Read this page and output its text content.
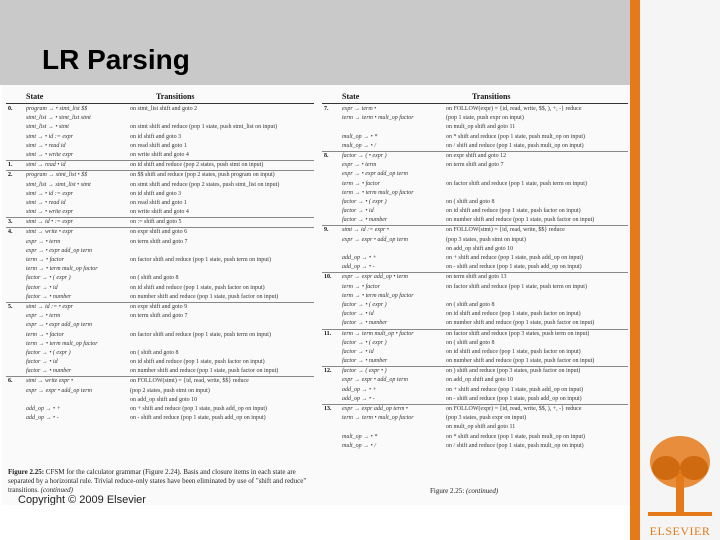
LR Parsing
State	Transitions
0.	program → • stmt_list $$	on stmt_list shift and goto 2
stmt_list → • stmt_list stmt
stmt_list → • stmt	on stmt shift and reduce (pop 1 state, push stmt_list on input)
stmt → • id := expr	on id shift and goto 3
stmt → • read id	on read shift and goto 1
stmt → • write expr	on write shift and goto 4
1.	stmt → read • id	on id shift and reduce (pop 2 states, push stmt on input)
2.	program → stmt_list • $$	on $$ shift and reduce (pop 2 states, push program on input)
stmt_list → stmt_list • stmt	on stmt shift and reduce (pop 2 states, push stmt_list on input)
stmt → • id := expr	on id shift and goto 3
stmt → • read id	on read shift and goto 1
stmt → • write expr	on write shift and goto 4
3.	stmt → id • := expr	on := shift and goto 5
4.	stmt → write • expr	on expr shift and goto 6
expr → • term	on term shift and goto 7
expr → • expr add_op term
term → • factor	on factor shift and reduce (pop 1 state, push term on input)
term → • term mult_op factor
factor → • ( expr )	on ( shift and goto 8
factor → • id	on id shift and reduce (pop 1 state, push factor on input)
factor → • number	on number shift and reduce (pop 1 state, push factor on input)
5.	stmt → id := • expr	on expr shift and goto 9
expr → • term	on term shift and goto 7
expr → • expr add_op term
term → • factor	on factor shift and reduce (pop 1 state, push term on input)
term → • term mult_op factor
factor → • ( expr )	on ( shift and goto 8
factor → • id	on id shift and reduce (pop 1 state, push factor on input)
factor → • number	on number shift and reduce (pop 1 state, push factor on input)
6.	stmt → write expr •	on FOLLOW(stmt) = {id, read, write, $$} reduce
expr → expr • add_op term	(pop 2 states, push stmt on input)
on add_op shift and goto 10
add_op → • +	on + shift and reduce (pop 1 state, push add_op on input)
add_op → • -	on - shift and reduce (pop 1 state, push add_op on input)
State	Transitions
7.	expr → term •	on FOLLOW(expr) = {id, read, write, $$, ), +, -} reduce
term → term • mult_op factor	(pop 1 state, push expr on input)
on mult_op shift and goto 11
mult_op → • *	on * shift and reduce (pop 1 state, push mult_op on input)
mult_op → • /	on / shift and reduce (pop 1 state, push mult_op on input)
8.	factor → ( • expr )	on expr shift and goto 12
expr → • term	on term shift and goto 7
expr → • expr add_op term
term → • factor	on factor shift and reduce (pop 1 state, push term on input)
term → • term mult_op factor
factor → • ( expr )	on ( shift and goto 8
factor → • id	on id shift and reduce (pop 1 state, push factor on input)
factor → • number	on number shift and reduce (pop 1 state, push factor on input)
9.	stmt → id := expr •	on FOLLOW(stmt) = {id, read, write, $$} reduce
expr → expr • add_op term	(pop 3 states, push stmt on input)
on add_op shift and goto 10
add_op → • +	on + shift and reduce (pop 1 state, push add_op on input)
add_op → • -	on - shift and reduce (pop 1 state, push add_op on input)
10.	expr → expr add_op • term	on term shift and goto 13
term → • factor	on factor shift and reduce (pop 1 state, push term on input)
term → • term mult_op factor
factor → • ( expr )	on ( shift and goto 8
factor → • id	on id shift and reduce (pop 1 state, push factor on input)
factor → • number	on number shift and reduce (pop 1 state, push factor on input)
11.	term → term mult_op • factor	on factor shift and reduce (pop 3 states, push term on input)
factor → • ( expr )	on ( shift and goto 8
factor → • id	on id shift and reduce (pop 1 state, push factor on input)
factor → • number	on number shift and reduce (pop 1 state, push factor on input)
12.	factor → ( expr • )	on ) shift and reduce (pop 3 states, push factor on input)
expr → expr • add_op term	on add_op shift and goto 10
add_op → • +	on + shift and reduce (pop 1 state, push add_op on input)
add_op → • -	on - shift and reduce (pop 1 state, push add_op on input)
13.	expr → expr add_op term •	on FOLLOW(expr) = {id, read, write, $$, ), +, -} reduce
term → term • mult_op factor	(pop 3 states, push expr on input)
on mult_op shift and goto 11
mult_op → • *	on * shift and reduce (pop 1 state, push mult_op on input)
mult_op → • /	on / shift and reduce (pop 1 state, push mult_op on input)
Figure 2.25: CFSM for the calculator grammar (Figure 2.24). Basis and closure items in each state are separated by a horizontal rule. Trivial reduce-only states have been eliminated by use of "shift and reduce" transitions. (continued)	Figure 2.25: (continued)
Copyright © 2009 Elsevier
ELSEVIER
